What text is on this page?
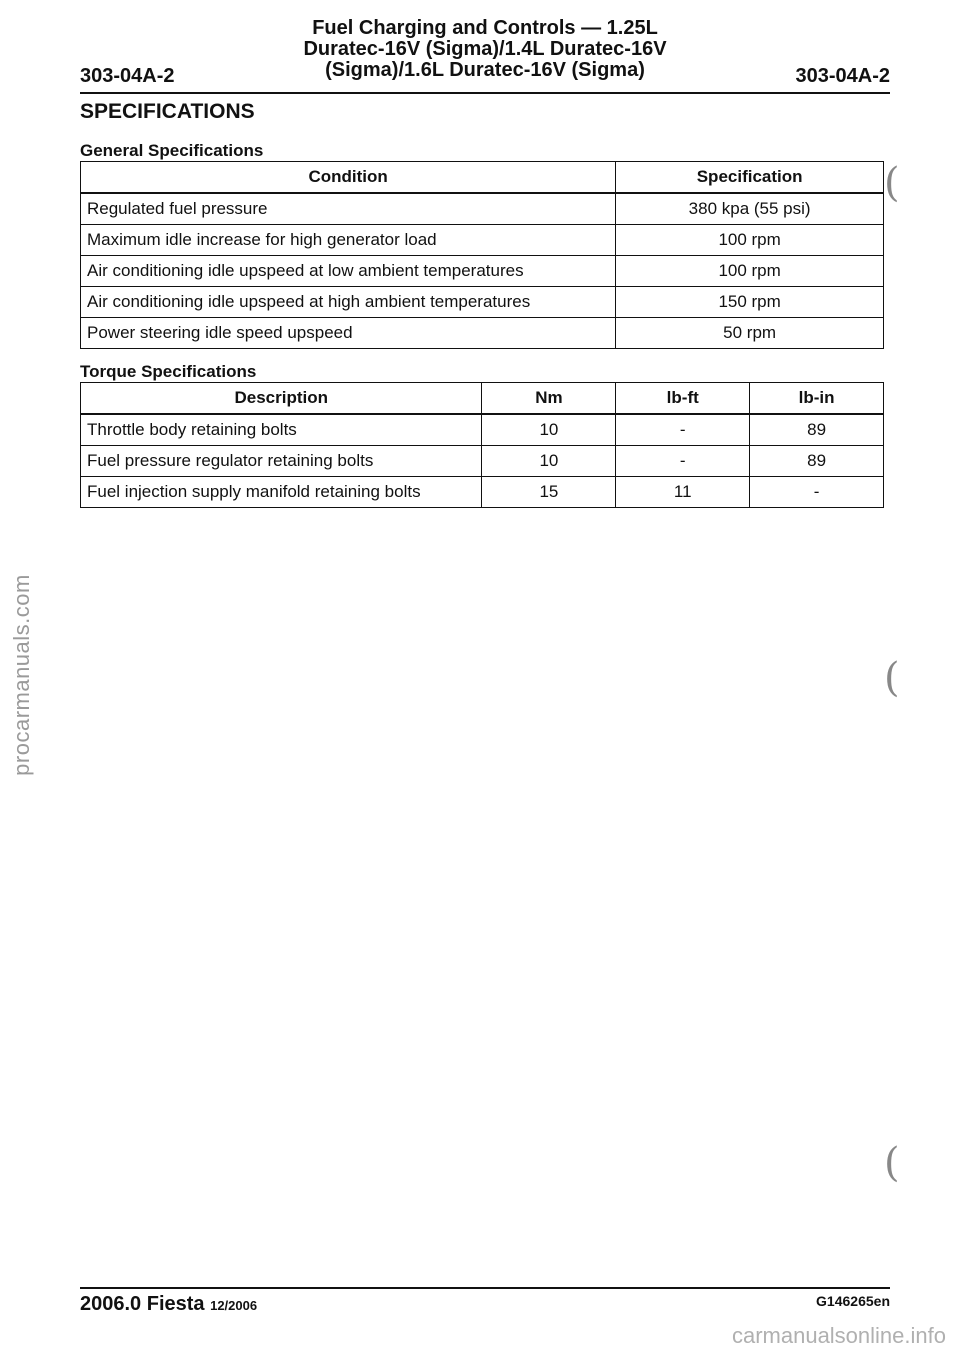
procarmanuals.com
Fuel Charging and Controls — 1.25L
Duratec-16V (Sigma)/1.4L Duratec-16V
(Sigma)/1.6L Duratec-16V (Sigma)
303-04A-2	303-04A-2
SPECIFICATIONS
General Specifications
Condition	Specification
Regulated fuel pressure	380 kpa (55 psi)
Maximum idle increase for high generator load	100 rpm
Air conditioning idle upspeed at low ambient temperatures	100 rpm
Air conditioning idle upspeed at high ambient temperatures	150 rpm
Power steering idle speed upspeed	50 rpm
Torque Specifications
Description	Nm	lb-ft	lb-in
Throttle body retaining bolts	10	-	89
Fuel pressure regulator retaining bolts	10	-	89
Fuel injection supply manifold retaining bolts	15	11	-
(
(
(
2006.0 Fiesta 12/2006	G146265en
carmanualsonline.info
